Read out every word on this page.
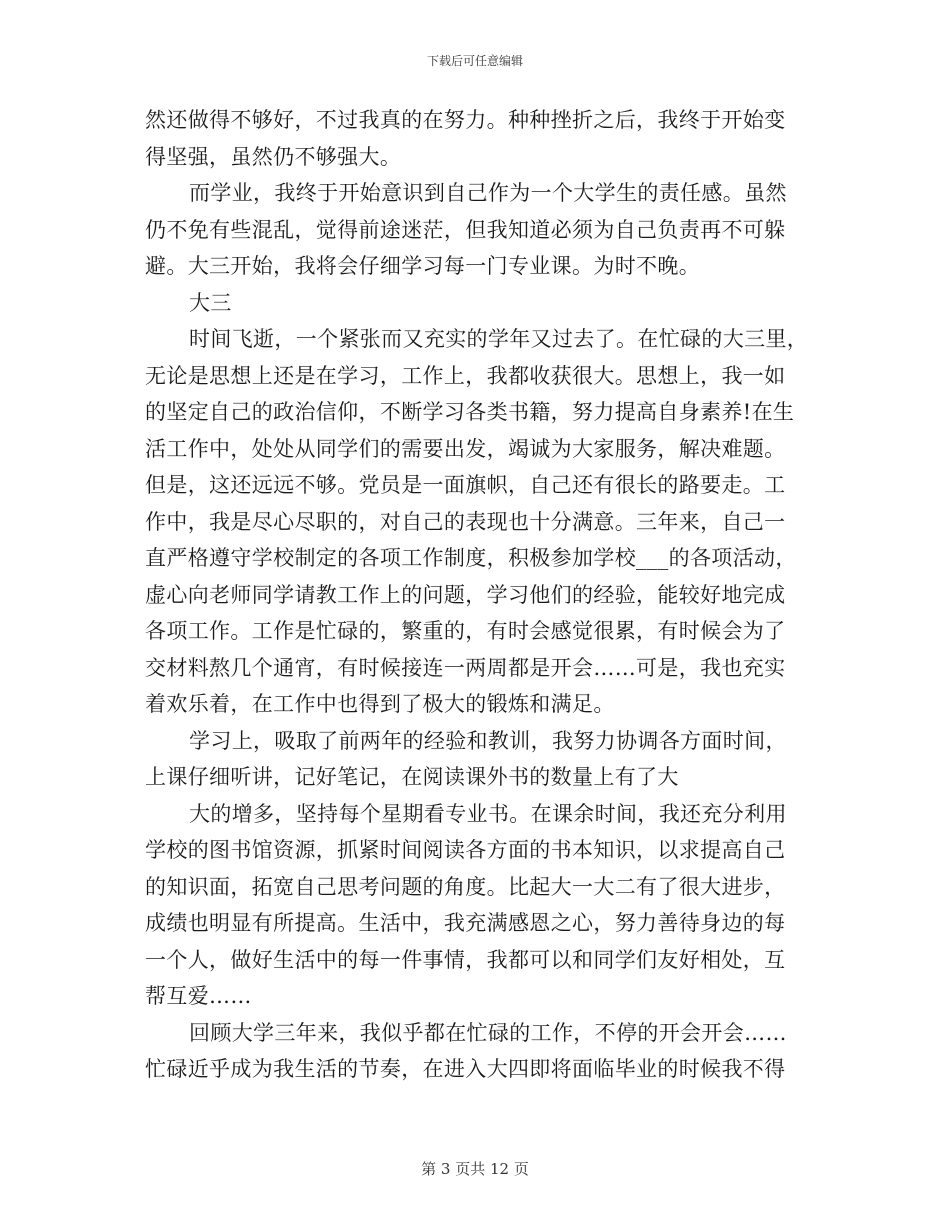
下载后可任意编辑
然还做得不够好，不过我真的在努力。种种挫折之后，我终于开始变
得坚强，虽然仍不够强大。
而学业，我终于开始意识到自己作为一个大学生的责任感。虽然
仍不免有些混乱，觉得前途迷茫，但我知道必须为自己负责再不可躲
避。大三开始，我将会仔细学习每一门专业课。为时不晚。
大三
时间飞逝，一个紧张而又充实的学年又过去了。在忙碌的大三里，
无论是思想上还是在学习，工作上，我都收获很大。思想上，我一如
的坚定自己的政治信仰，不断学习各类书籍，努力提高自身素养!在生
活工作中，处处从同学们的需要出发，竭诚为大家服务，解决难题。
但是，这还远远不够。党员是一面旗帜，自己还有很长的路要走。工
作中，我是尽心尽职的，对自己的表现也十分满意。三年来，自己一
直严格遵守学校制定的各项工作制度，积极参加学校___的各项活动，
虚心向老师同学请教工作上的问题，学习他们的经验，能较好地完成
各项工作。工作是忙碌的，繁重的，有时会感觉很累，有时候会为了
交材料熬几个通宵，有时候接连一两周都是开会……可是，我也充实
着欢乐着，在工作中也得到了极大的锻炼和满足。
学习上，吸取了前两年的经验和教训，我努力协调各方面时间，
上课仔细听讲，记好笔记，在阅读课外书的数量上有了大
大的增多，坚持每个星期看专业书。在课余时间，我还充分利用
学校的图书馆资源，抓紧时间阅读各方面的书本知识，以求提高自己
的知识面，拓宽自己思考问题的角度。比起大一大二有了很大进步，
成绩也明显有所提高。生活中，我充满感恩之心，努力善待身边的每
一个人，做好生活中的每一件事情，我都可以和同学们友好相处，互
帮互爱……
回顾大学三年来，我似乎都在忙碌的工作，不停的开会开会……
忙碌近乎成为我生活的节奏，在进入大四即将面临毕业的时候我不得
第 3 页共 12 页
